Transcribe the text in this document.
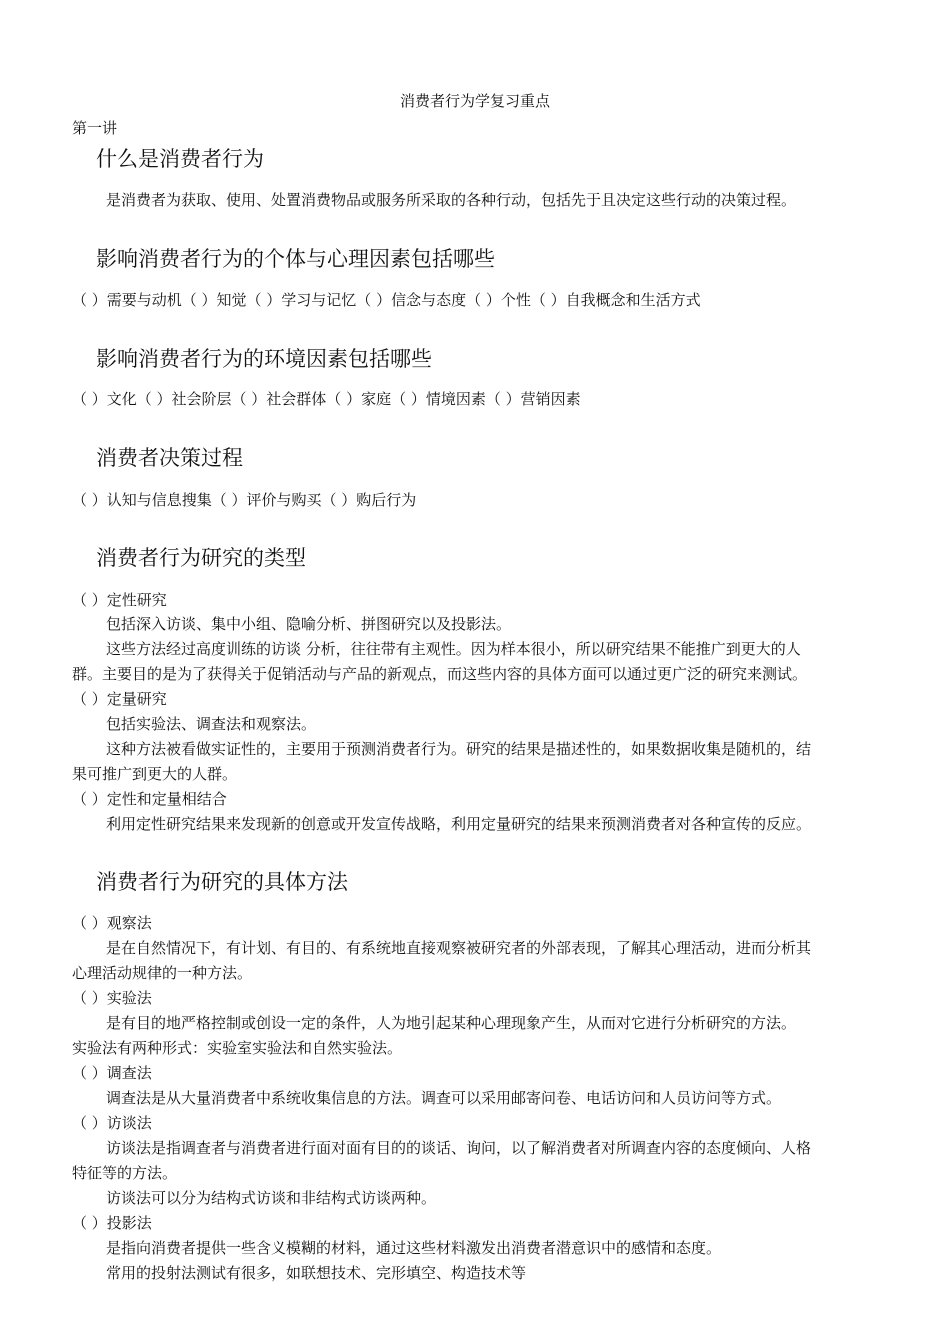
消费者行为学复习重点
第一讲
什么是消费者行为
是消费者为获取、使用、处置消费物品或服务所采取的各种行动，包括先于且决定这些行动的决策过程。
影响消费者行为的个体与心理因素包括哪些
（ ）需要与动机（ ）知觉（ ）学习与记忆（ ）信念与态度（ ）个性（ ）自我概念和生活方式
影响消费者行为的环境因素包括哪些
（ ）文化（ ）社会阶层（ ）社会群体（ ）家庭（ ）情境因素（ ）营销因素
消费者决策过程
（ ）认知与信息搜集（ ）评价与购买（ ）购后行为
消费者行为研究的类型
（ ）定性研究
包括深入访谈、集中小组、隐喻分析、拼图研究以及投影法。
这些方法经过高度训练的访谈 分析，往往带有主观性。因为样本很小，所以研究结果不能推广到更大的人
群。主要目的是为了获得关于促销活动与产品的新观点，而这些内容的具体方面可以通过更广泛的研究来测试。
（ ）定量研究
包括实验法、调查法和观察法。
这种方法被看做实证性的，主要用于预测消费者行为。研究的结果是描述性的，如果数据收集是随机的，结
果可推广到更大的人群。
（ ）定性和定量相结合
利用定性研究结果来发现新的创意或开发宣传战略，利用定量研究的结果来预测消费者对各种宣传的反应。
消费者行为研究的具体方法
（ ）观察法
是在自然情况下，有计划、有目的、有系统地直接观察被研究者的外部表现，了解其心理活动，进而分析其
心理活动规律的一种方法。
（ ）实验法
是有目的地严格控制或创设一定的条件，人为地引起某种心理现象产生，从而对它进行分析研究的方法。
实验法有两种形式：实验室实验法和自然实验法。
（ ）调查法
调查法是从大量消费者中系统收集信息的方法。调查可以采用邮寄问卷、电话访问和人员访问等方式。
（ ）访谈法
访谈法是指调查者与消费者进行面对面有目的的谈话、询问，以了解消费者对所调查内容的态度倾向、人格
特征等的方法。
访谈法可以分为结构式访谈和非结构式访谈两种。
（ ）投影法
是指向消费者提供一些含义模糊的材料，通过这些材料激发出消费者潜意识中的感情和态度。
常用的投射法测试有很多，如联想技术、完形填空、构造技术等
